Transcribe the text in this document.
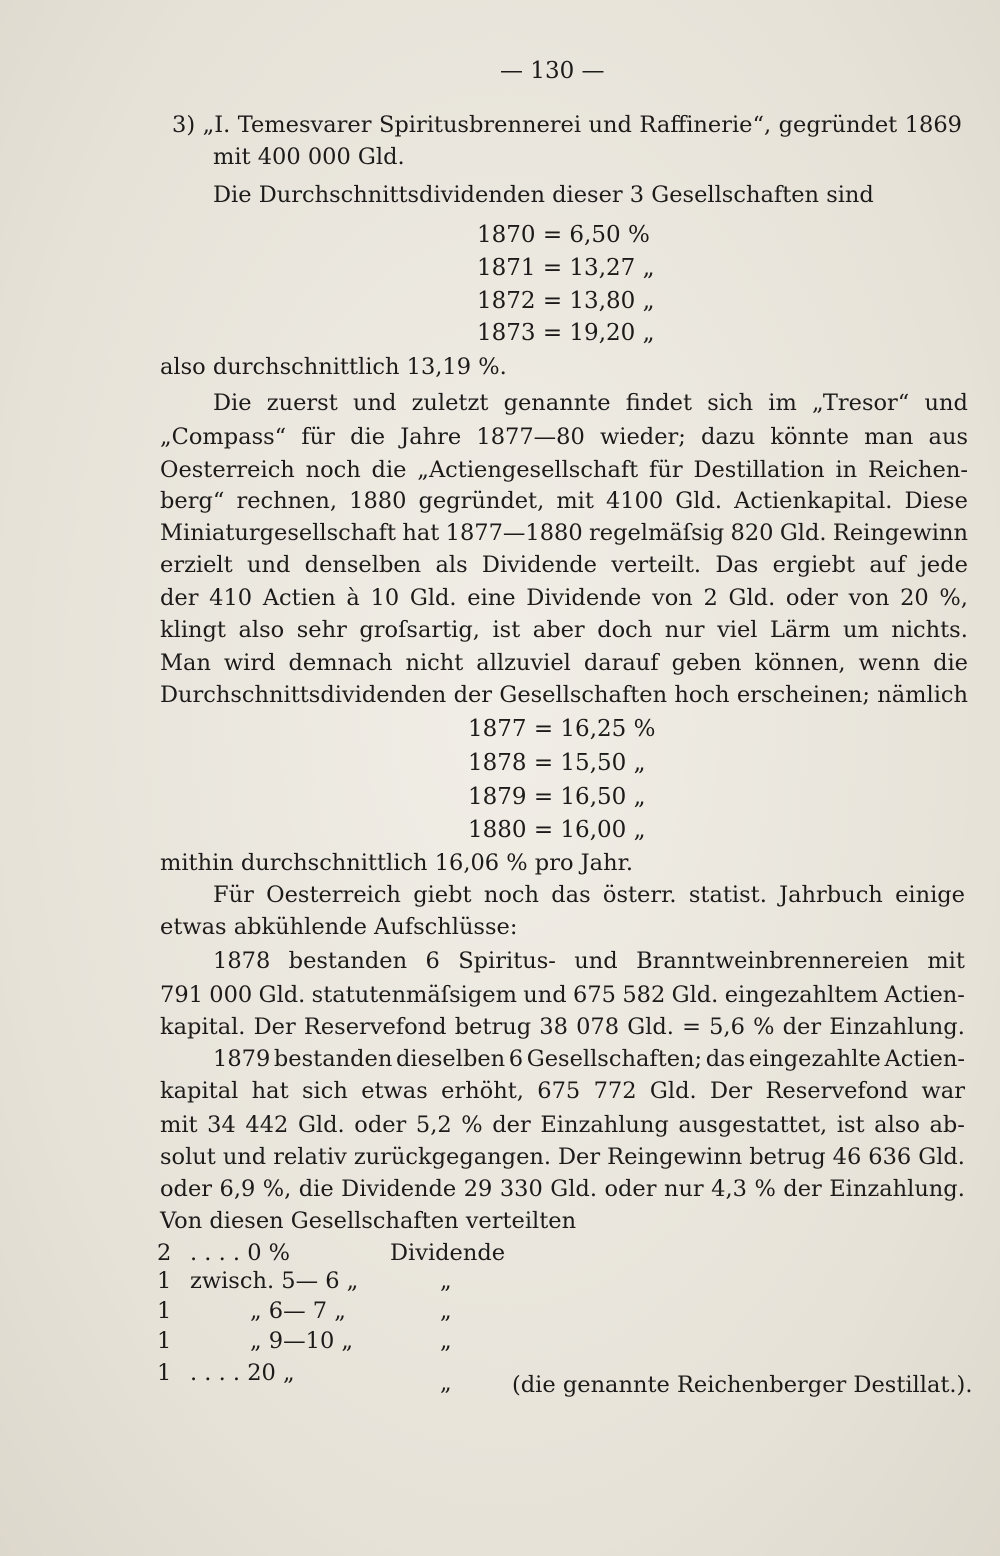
— 130 —
3) „I. Temesvarer Spiritusbrennerei und Raffinerie“, gegründet 1869
mit 400 000 Gld.
Die Durchschnittsdividenden dieser 3 Gesellschaften sind
1870 = 6,50 %
1871 = 13,27 „
1872 = 13,80 „
1873 = 19,20 „
also durchschnittlich 13,19 %.
Die zuerst und zuletzt genannte findet sich im „Tresor“ und
„Compass“ für die Jahre 1877—80 wieder; dazu könnte man aus
Oesterreich noch die „Actiengesellschaft für Destillation in Reichen-
berg“ rechnen, 1880 gegründet, mit 4100 Gld. Actienkapital. Diese
Miniaturgesellschaft hat 1877—1880 regelmäſsig 820 Gld. Reingewinn
erzielt und denselben als Dividende verteilt. Das ergiebt auf jede
der 410 Actien à 10 Gld. eine Dividende von 2 Gld. oder von 20 %,
klingt also sehr groſsartig, ist aber doch nur viel Lärm um nichts.
Man wird demnach nicht allzuviel darauf geben können, wenn die
Durchschnittsdividenden der Gesellschaften hoch erscheinen; nämlich
1877 = 16,25 %
1878 = 15,50 „
1879 = 16,50 „
1880 = 16,00 „
mithin durchschnittlich 16,06 % pro Jahr.
Für Oesterreich giebt noch das österr. statist. Jahrbuch einige
etwas abkühlende Aufschlüsse:
1878 bestanden 6 Spiritus- und Branntweinbrennereien mit
791 000 Gld. statutenmäſsigem und 675 582 Gld. eingezahltem Actien-
kapital. Der Reservefond betrug 38 078 Gld. = 5,6 % der Einzahlung.
1879 bestanden dieselben 6 Gesellschaften; das eingezahlte Actien-
kapital hat sich etwas erhöht, 675 772 Gld. Der Reservefond war
mit 34 442 Gld. oder 5,2 % der Einzahlung ausgestattet, ist also ab-
solut und relativ zurückgegangen. Der Reingewinn betrug 46 636 Gld.
oder 6,9 %, die Dividende 29 330 Gld. oder nur 4,3 % der Einzahlung.
Von diesen Gesellschaften verteilten
2 . . . . 0 %	Dividende
1 zwisch. 5— 6 „	„
1	„ 6— 7 „	„
1	„ 9—10 „	„
1 . . . . 20 „	„	(die genannte Reichenberger Destillat.).
